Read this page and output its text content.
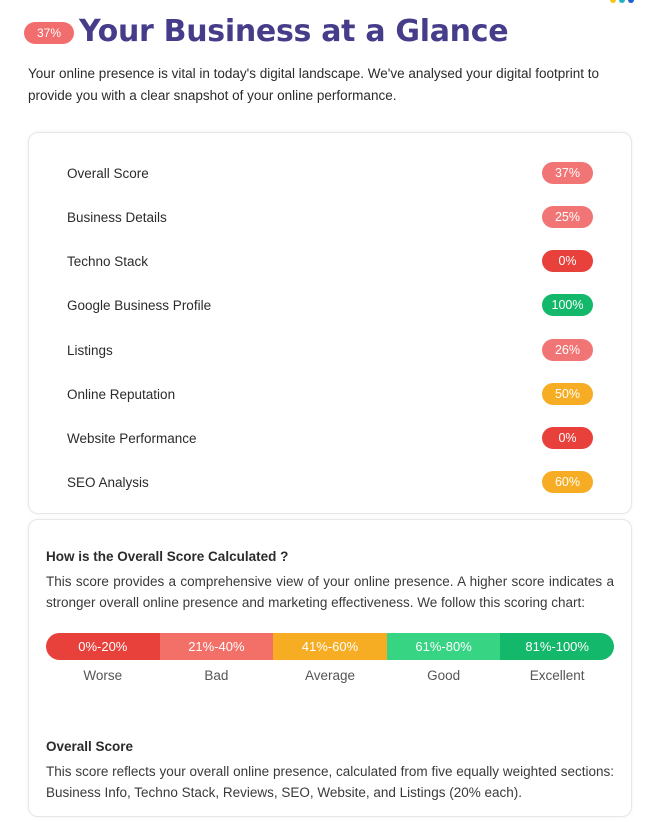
37% Your Business at a Glance

Your online presence is vital in today's digital landscape. We've analysed your digital footprint to provide you with a clear snapshot of your online performance.

Overall Score	37%
Business Details	25%
Techno Stack	0%
Google Business Profile	100%
Listings	26%
Online Reputation	50%
Website Performance	0%
SEO Analysis	60%
How is the Overall Score Calculated ?

This score provides a comprehensive view of your online presence. A higher score indicates a stronger overall online presence and marketing effectiveness. We follow this scoring chart:

0%-20%	21%-40%	41%-60%	61%-80%	81%-100%
Worse	Bad	Average	Good	Excellent
Overall Score

This score reflects your overall online presence, calculated from five equally weighted sections: Business Info, Techno Stack, Reviews, SEO, Website, and Listings (20% each).
